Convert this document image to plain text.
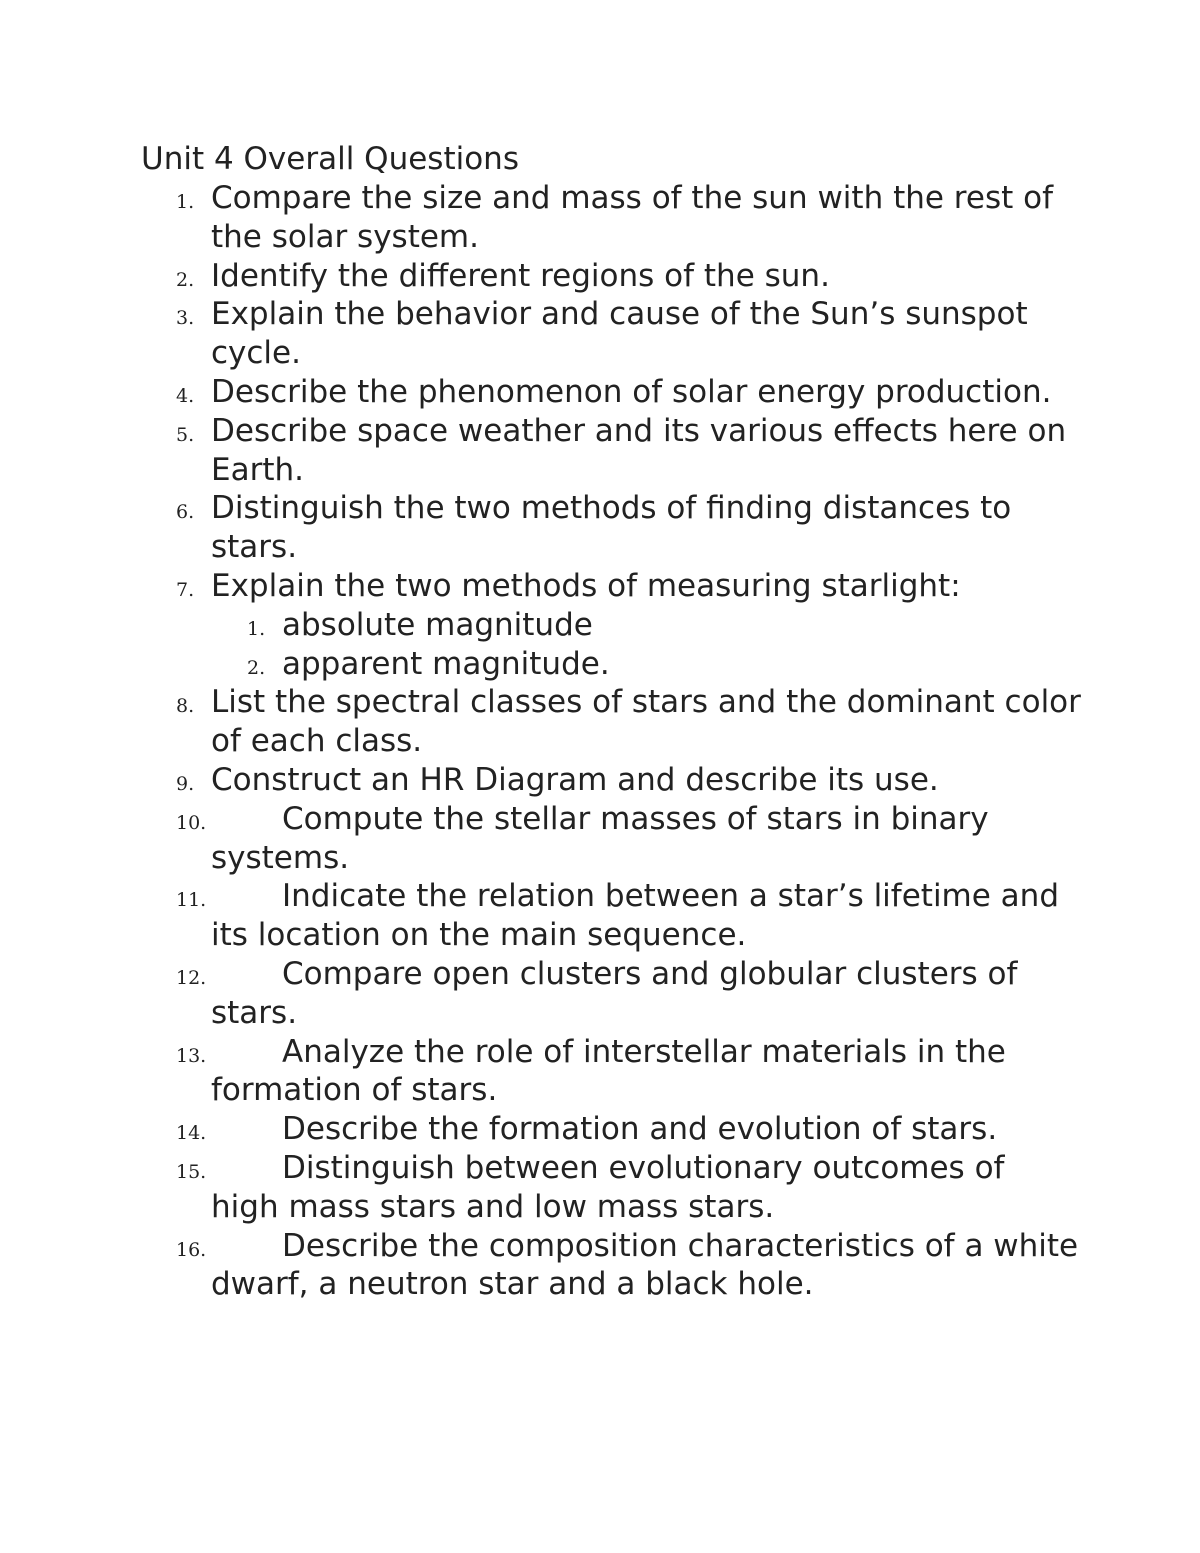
Unit 4 Overall Questions
1. Compare the size and mass of the sun with the rest of the solar system.
2. Identify the different regions of the sun.
3. Explain the behavior and cause of the Sun’s sunspot cycle.
4. Describe the phenomenon of solar energy production.
5. Describe space weather and its various effects here on Earth.
6. Distinguish the two methods of finding distances to stars.
7. Explain the two methods of measuring starlight:
1. absolute magnitude
2. apparent magnitude.
8. List the spectral classes of stars and the dominant color of each class.
9. Construct an HR Diagram and describe its use.
10.	Compute the stellar masses of stars in binary systems.
11.	Indicate the relation between a star’s lifetime and its location on the main sequence.
12.	Compare open clusters and globular clusters of stars.
13.	Analyze the role of interstellar materials in the formation of stars.
14.	Describe the formation and evolution of stars.
15.	Distinguish between evolutionary outcomes of high mass stars and low mass stars.
16.	Describe the composition characteristics of a white dwarf, a neutron star and a black hole.
